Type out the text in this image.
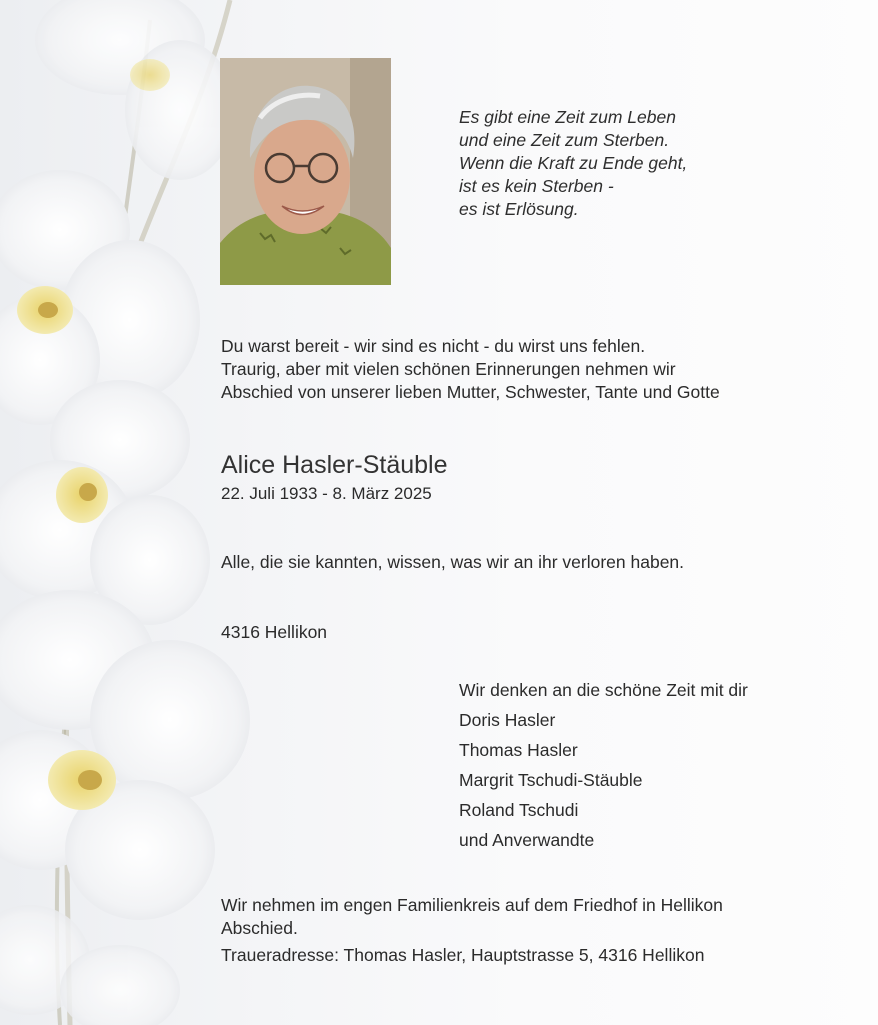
Es gibt eine Zeit zum Leben
und eine Zeit zum Sterben.
Wenn die Kraft zu Ende geht,
ist es kein Sterben -
es ist Erlösung.
Du warst bereit - wir sind es nicht - du wirst uns fehlen.
Traurig, aber mit vielen schönen Erinnerungen nehmen wir
Abschied von unserer lieben Mutter, Schwester, Tante und Gotte
Alice Hasler-Stäuble
22. Juli 1933 - 8. März 2025
Alle, die sie kannten, wissen, was wir an ihr verloren haben.
4316 Hellikon
Wir denken an die schöne Zeit mit dir
Doris Hasler
Thomas Hasler
Margrit Tschudi-Stäuble
Roland Tschudi
und Anverwandte
Wir nehmen im engen Familienkreis auf dem Friedhof in Hellikon
Abschied.
Traueradresse: Thomas Hasler, Hauptstrasse 5, 4316 Hellikon
